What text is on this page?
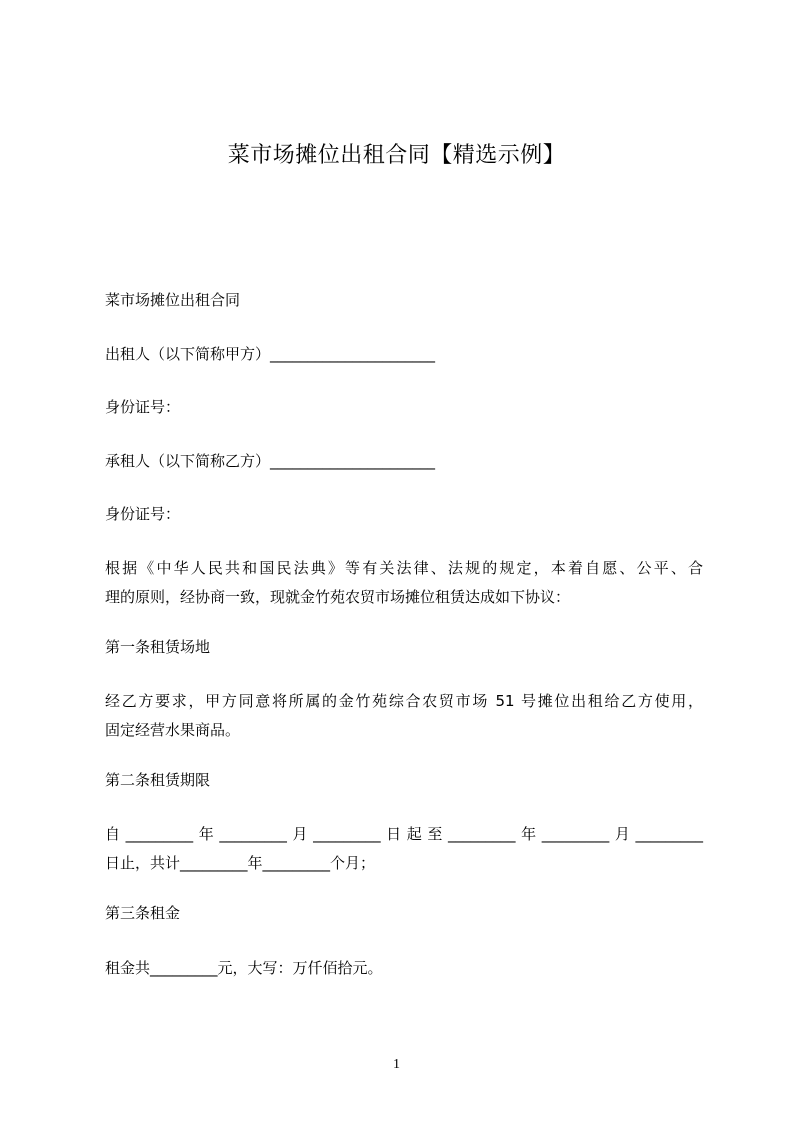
菜市场摊位出租合同【精选示例】
菜市场摊位出租合同
出租人（以下简称甲方）______________________
身份证号：
承租人（以下简称乙方）______________________
身份证号：
根据《中华人民共和国民法典》等有关法律、法规的规定，本着自愿、公平、合
理的原则，经协商一致，现就金竹苑农贸市场摊位租赁达成如下协议：
第一条租赁场地
经乙方要求，甲方同意将所属的金竹苑综合农贸市场 51 号摊位出租给乙方使用，
固定经营水果商品。
第二条租赁期限
自_________年_________月_________日起至_________年_________月_________
日止，共计_________年_________个月；
第三条租金
租金共_________元，大写：万仟佰拾元。
1
